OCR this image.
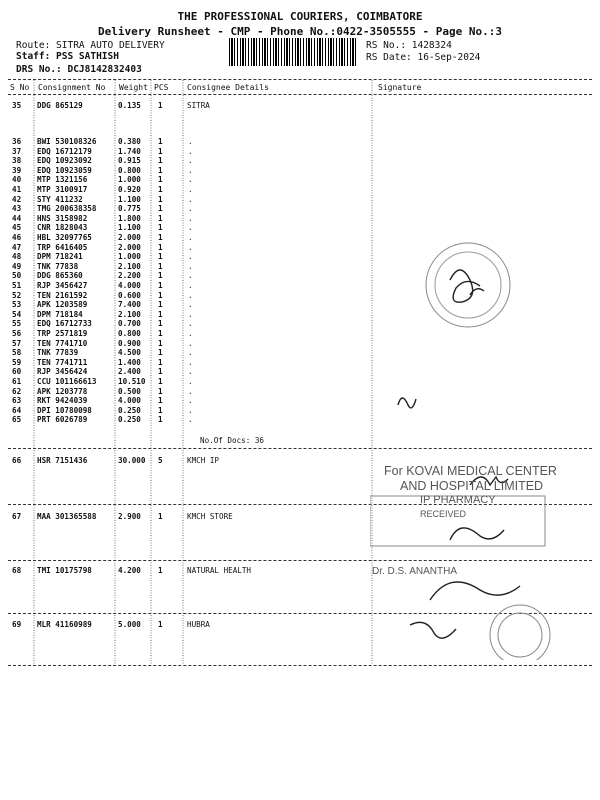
THE PROFESSIONAL COURIERS, COIMBATORE
Delivery Runsheet - CMP - Phone No.:0422-3505555 - Page No.:3
Route: SITRA AUTO DELIVERY
Staff: PSS SATHISH
DRS No.: DCJ8142832403
RS No.: 1428324
RS Date: 16-Sep-2024
S No Consignment No Weight PCS Consignee Details	Signature
35 DDG 865129	0.135 1	SITRA
36 BWI 530108326	0.380 1	.
37 EDQ 16712179	1.740 1	.
38 EDQ 10923092	0.915 1	.
39 EDQ 10923059	0.800 1	.
40 MTP 1321156	1.000 1	.
41 MTP 3100917	0.920 1	.
42 STY 411232	1.100 1	.
43 TMG 200638358	0.775 1	.
44 HNS 3158982	1.800 1	.
45 CNR 1828043	1.100 1	.
46 HBL 32097765	2.000 1	.
47 TRP 6416405	2.000 1	.
48 DPM 718241	1.000 1	.
49 TNK 77838	2.100 1	.
50 DDG 865360	2.200 1	.
51 RJP 3456427	4.000 1	.
52 TEN 2161592	0.600 1	.
53 APK 1203589	7.400 1	.
54 DPM 718184	2.100 1	.
55 EDQ 16712733	0.700 1	.
56 TRP 2571819	0.800 1	.
57 TEN 7741710	0.900 1	.
58 TNK 77839	4.500 1	.
59 TEN 7741711	1.400 1	.
60 RJP 3456424	2.400 1	.
61 CCU 101166613	10.510 1	.
62 APK 1203778	0.500 1	.
63 RKT 9424039	4.000 1	.
64 DPI 10780098	0.250 1	.
65 PRT 6026789	0.250 1	.
No.Of Docs: 36
66 HSR 7151436	30.000 5	KMCH IP
67 MAA 301365588	2.900 1	KMCH STORE
68 TMI 10175798	4.200 1	NATURAL HEALTH
69 MLR 41160989	5.000 1	HUBRA
For KOVAI MEDICAL CENTER
AND HOSPITAL LIMITED
IP PHARMACY
RECEIVED
Dr. D.S. ANANTHA
